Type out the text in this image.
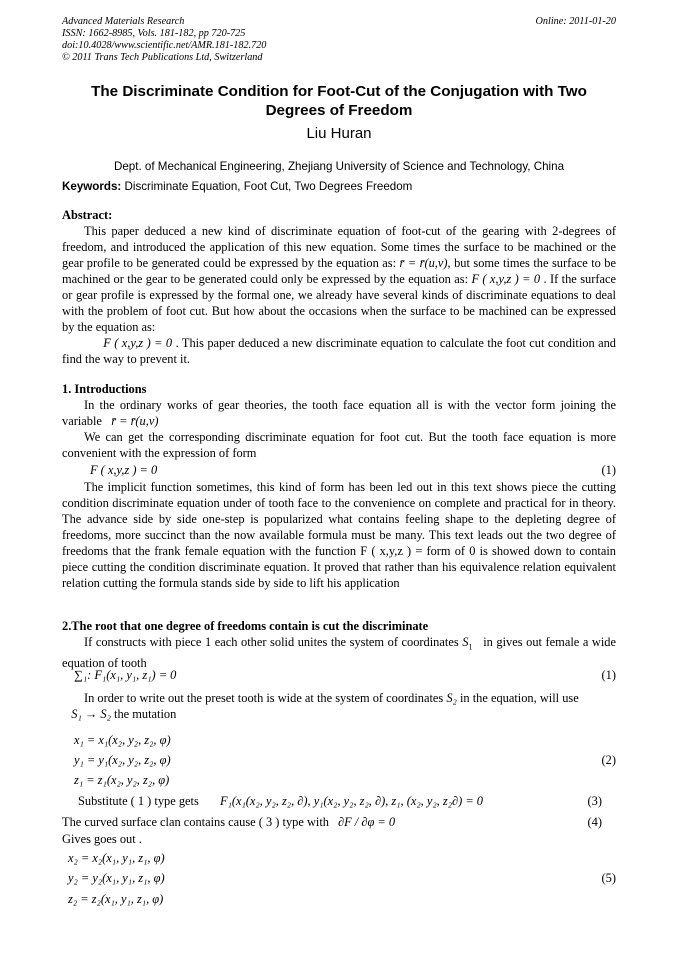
Advanced Materials Research
ISSN: 1662-8985, Vols. 181-182, pp 720-725
doi:10.4028/www.scientific.net/AMR.181-182.720
© 2011 Trans Tech Publications Ltd, Switzerland
Online: 2011-01-20
The Discriminate Condition for Foot-Cut of the Conjugation with Two Degrees of Freedom
Liu Huran
Dept. of Mechanical Engineering, Zhejiang University of Science and Technology, China
Keywords: Discriminate Equation, Foot Cut, Two Degrees Freedom

Abstract:

This paper deduced a new kind of discriminate equation of foot-cut of the gearing with 2-degrees of freedom, and introduced the application of this new equation. Some times the surface to be machined or the gear profile to be generated could be expressed by the equation as: r̄ = r̄(u,v), but some times the surface to be machined or the gear to be generated could only be expressed by the equation as: F ( x,y,z ) = 0 . If the surface or gear profile is expressed by the formal one, we already have several kinds of discriminate equations to deal with the problem of foot cut. But how about the occasions when the surface to be machined can be expressed by the equation as:
F ( x,y,z ) = 0 . This paper deduced a new discriminate equation to calculate the foot cut condition and find the way to prevent it.

1. Introductions

In the ordinary works of gear theories, the tooth face equation all is with the vector form joining the variable r̄ = r̄(u,v)

We can get the corresponding discriminate equation for foot cut. But the tooth face equation is more convenient with the expression of form

F ( x,y,z ) = 0	(1)

The implicit function sometimes, this kind of form has been led out in this text shows piece the cutting condition discriminate equation under of tooth face to the convenience on complete and practical for in theory. The advance side by side one-step is popularized what contains feeling shape to the depleting degree of freedoms, more succinct than the now available formula must be many. This text leads out the two degree of freedoms that the frank female equation with the function F ( x,y,z ) = form of 0 is showed down to contain piece cutting the condition discriminate equation. It proved that rather than his equivalence relation equivalent relation cutting the formula stands side by side to lift his application

2.The root that one degree of freedoms contain is cut the discriminate

If constructs with piece 1 each other solid unites the system of coordinates $S_1$ in gives out female a wide equation of tooth

∑₁: F₁(x₁, y₁, z₁) = 0	(1)

In order to write out the preset tooth is wide at the system of coordinates S₂ in the equation, will use
S₁ → S₂ the mutation

x₁ = x₁(x₂, y₂, z₂, φ)
y₁ = y₁(x₂, y₂, z₂, φ)	(2)
z₁ = z₁(x₂, y₂, z₂, φ)
Substitute ( 1 ) type gets F₁(x₁(x₂, y₂, z₂, ∂), y₁(x₂, y₂, z₂, ∂), z₁, (x₂, y₂, z₂∂) = 0	(3)
The curved surface clan contains cause ( 3 ) type with ∂F / ∂φ = 0	(4)
Gives goes out .
x₂ = x₂(x₁, y₁, z₁, φ)
y₂ = y₂(x₁, y₁, z₁, φ)	(5)
z₂ = z₂(x₁, y₁, z₁, φ)
